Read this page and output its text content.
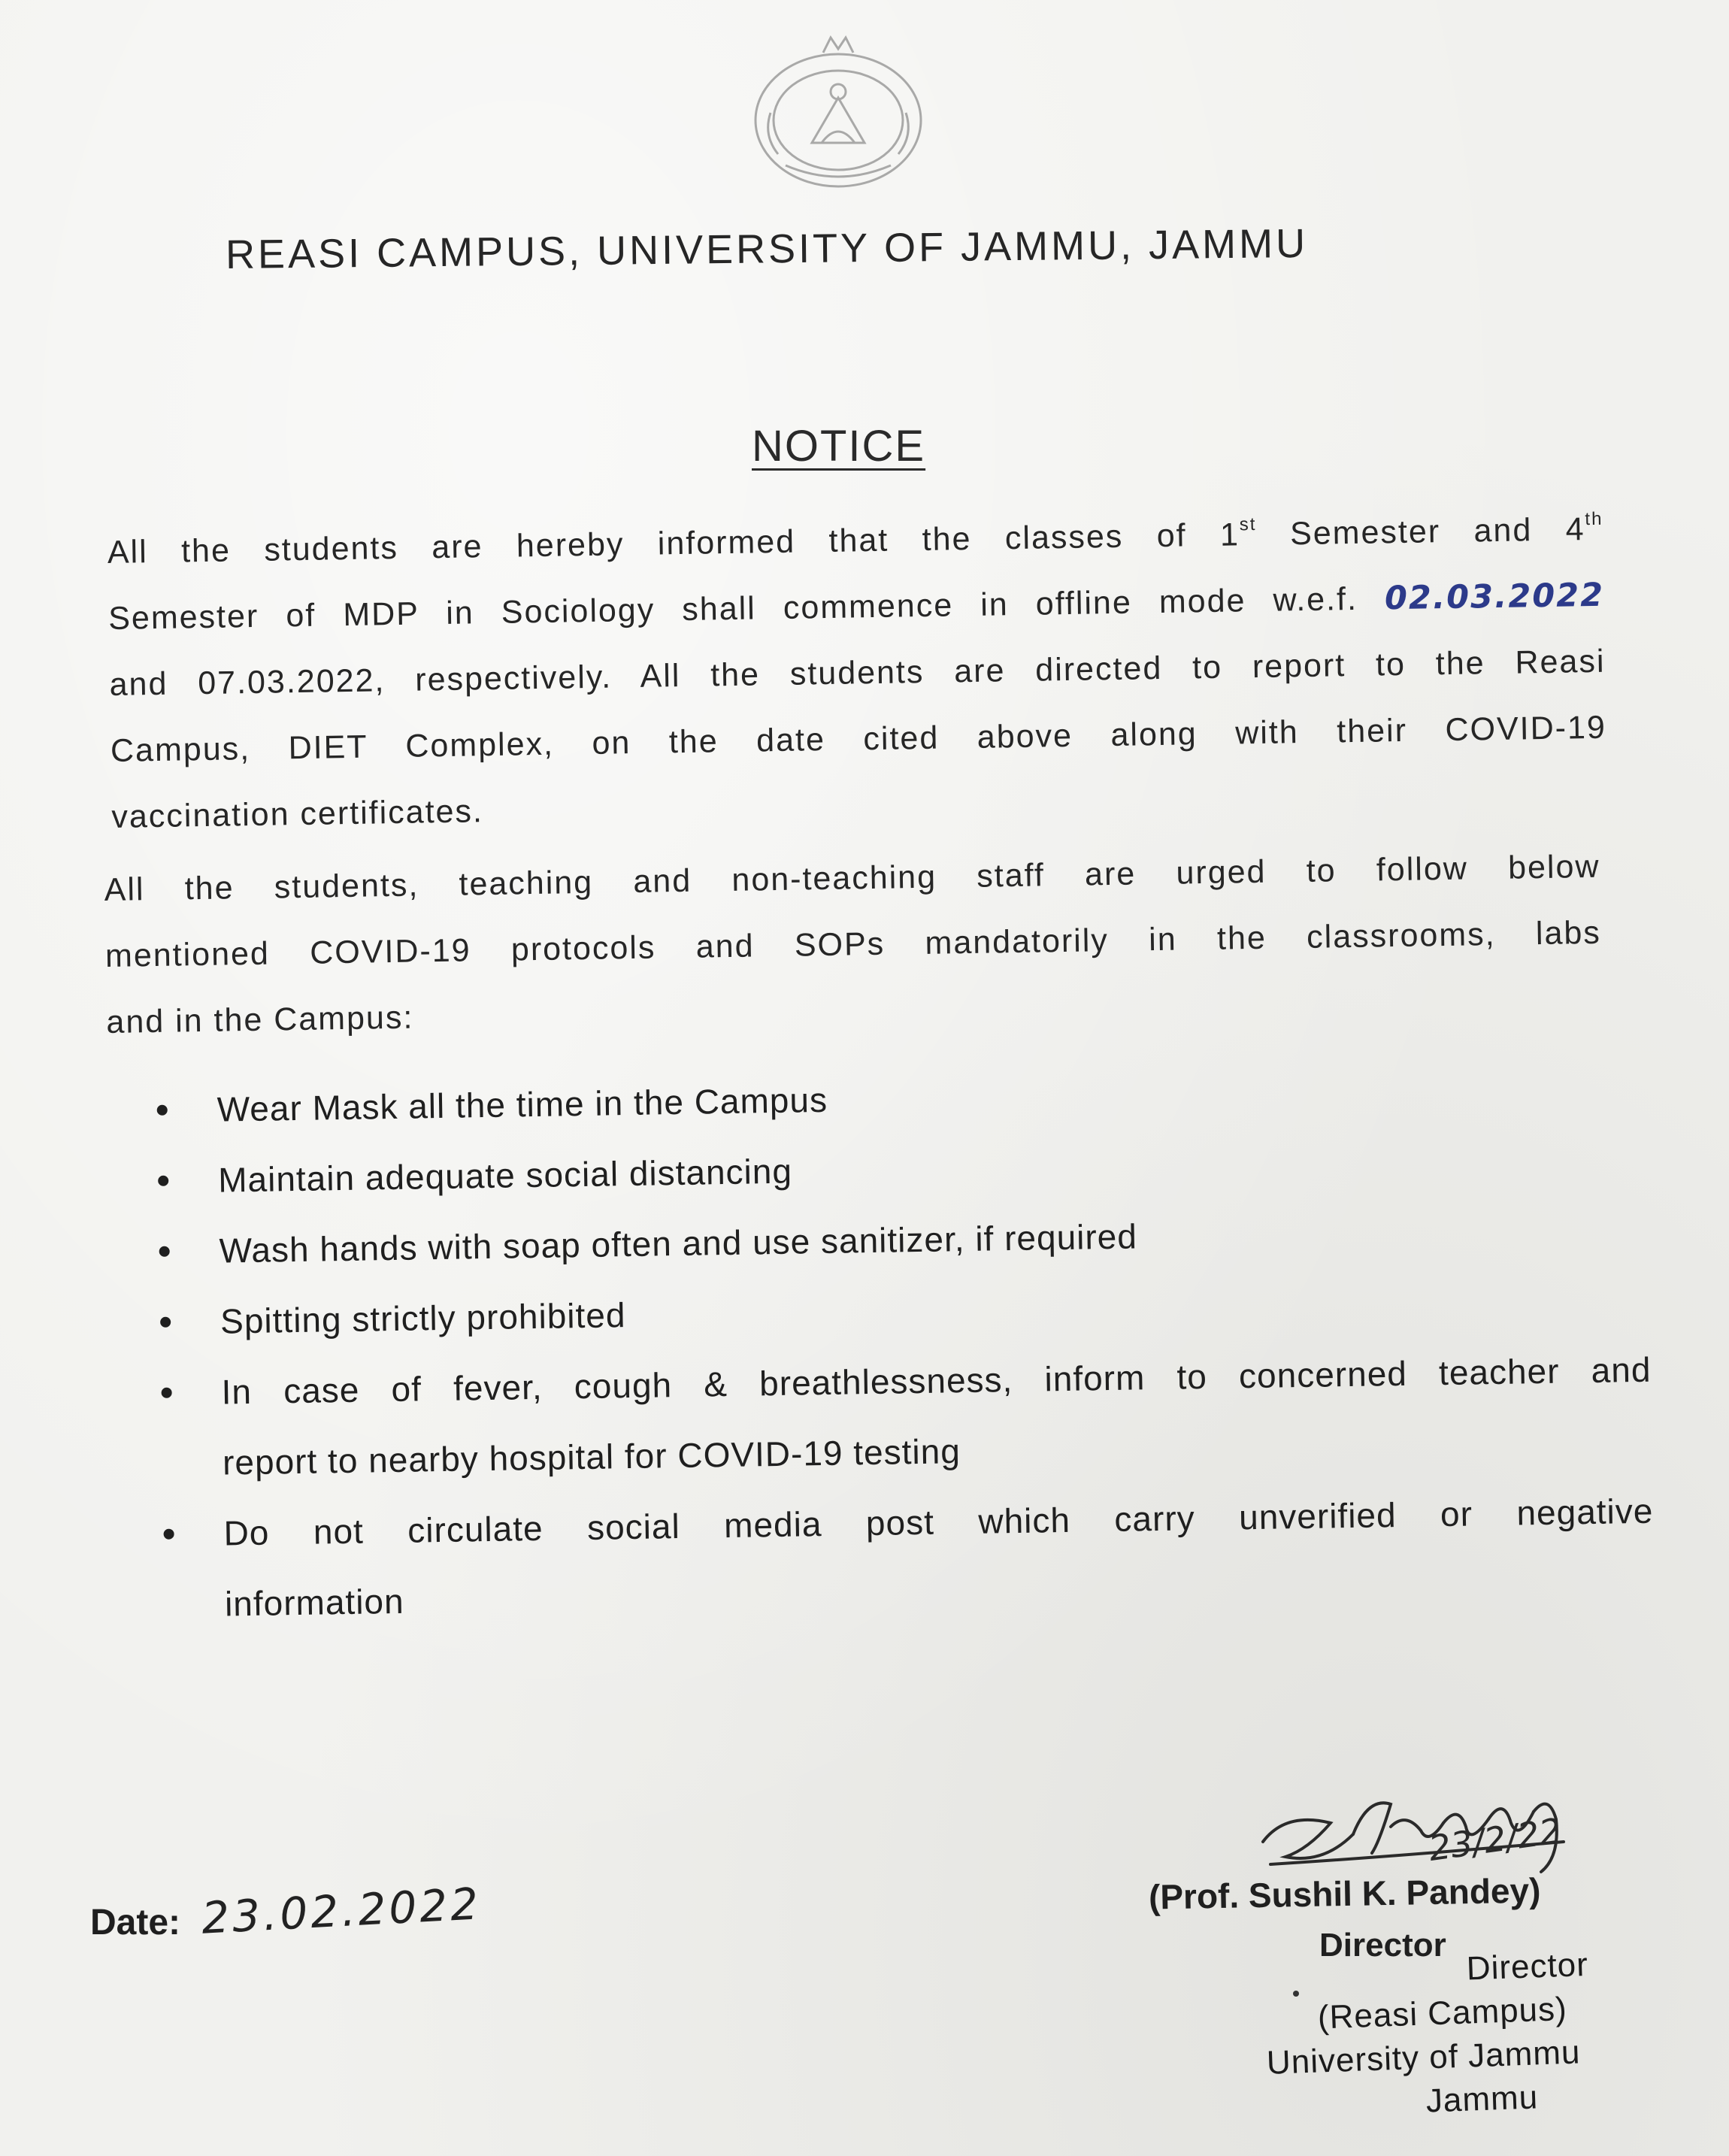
REASI CAMPUS, UNIVERSITY OF JAMMU, JAMMU
NOTICE
All the students are hereby informed that the classes of 1st Semester and 4th
Semester of MDP in Sociology shall commence in offline mode w.e.f. 02.03.2022
and 07.03.2022, respectively. All the students are directed to report to the Reasi
Campus, DIET Complex, on the date cited above along with their COVID-19
vaccination certificates.
All the students, teaching and non-teaching staff are urged to follow below
mentioned COVID-19 protocols and SOPs mandatorily in the classrooms, labs
and in the Campus:
Wear Mask all the time in the Campus
Maintain adequate social distancing
Wash hands with soap often and use sanitizer, if required
Spitting strictly prohibited
In case of fever, cough & breathlessness, inform to concerned teacher and
report to nearby hospital for COVID-19 testing
Do not circulate social media post which carry unverified or negative
information
Date: 23.02.2022
23/2/22
(Prof. Sushil K. Pandey)
Director
Director
(Reasi Campus)
University of Jammu
Jammu
